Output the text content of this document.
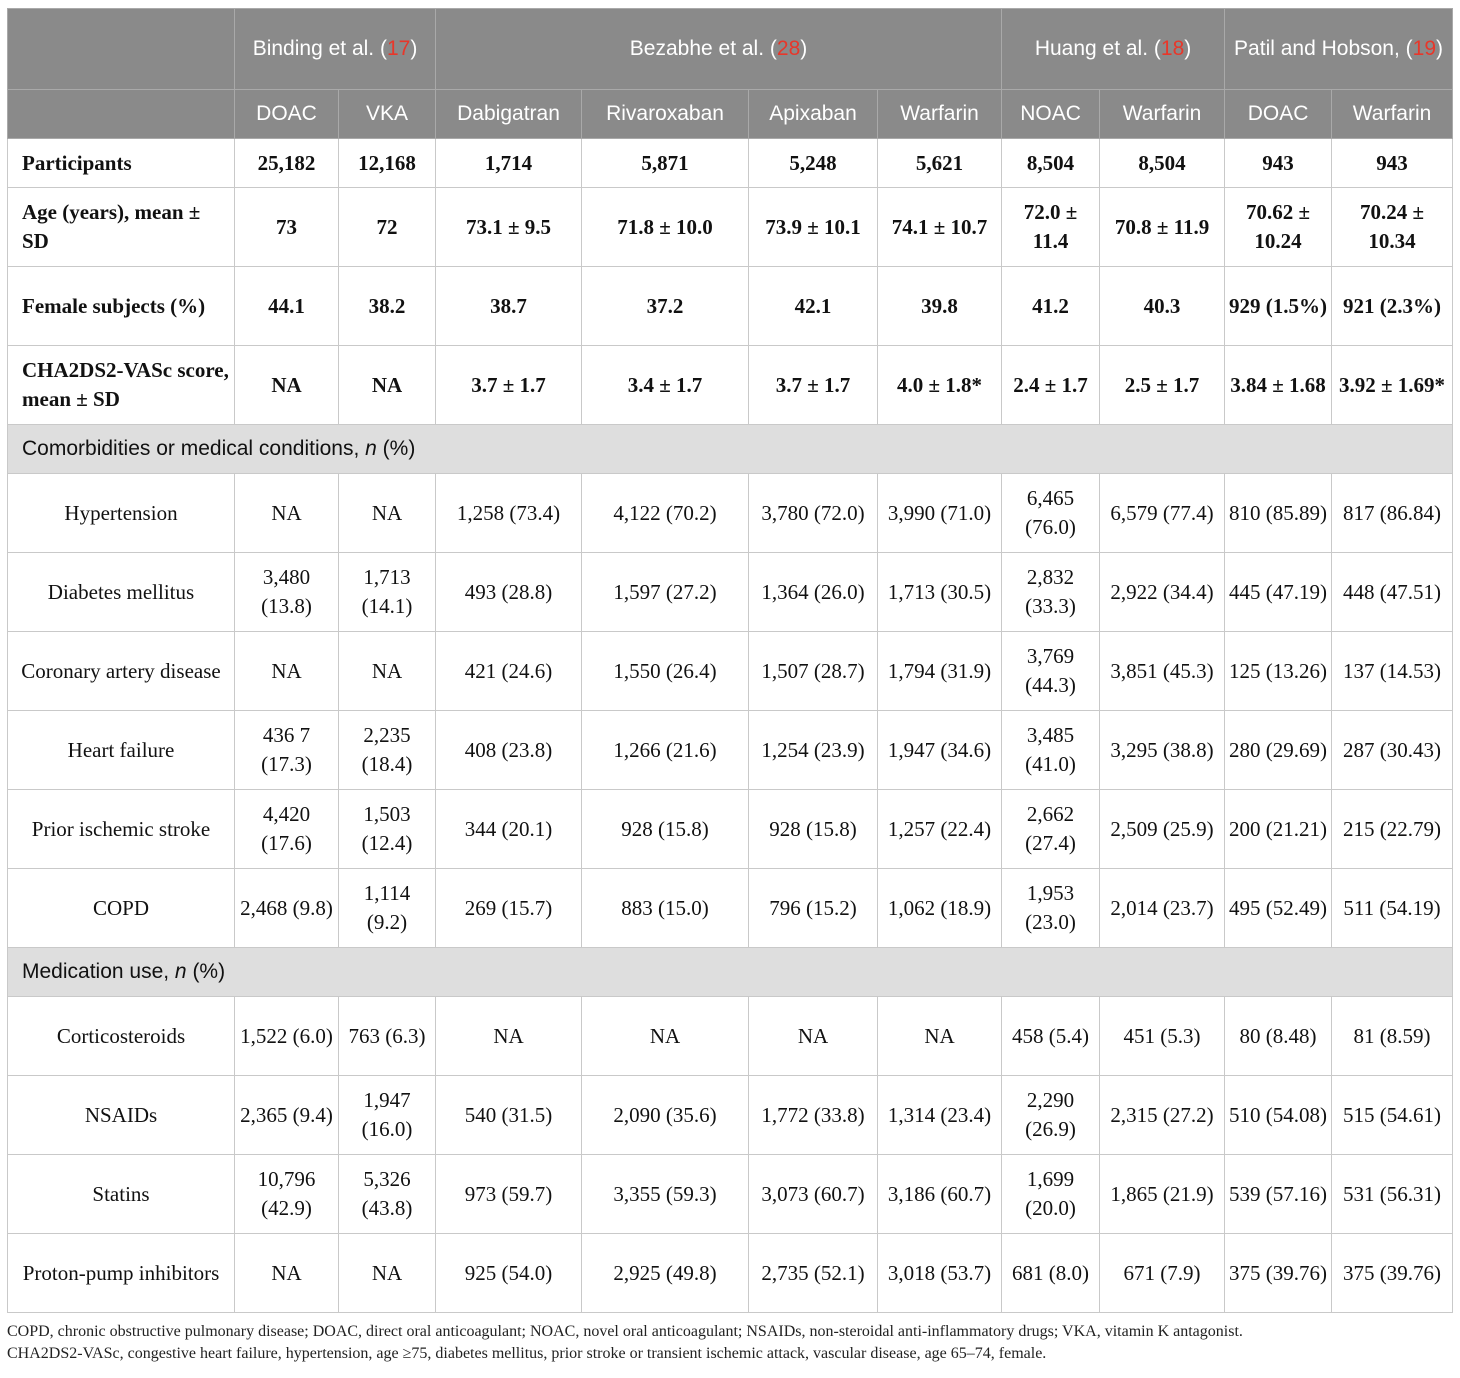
	Binding et al. (17)		Bezabhe et al. (28)				Huang et al. (18)		Patil and Hobson, (19)	
	DOAC	VKA	Dabigatran	Rivaroxaban	Apixaban	Warfarin	NOAC	Warfarin	DOAC	Warfarin
Participants	25,182	12,168	1,714	5,871	5,248	5,621	8,504	8,504	943	943
Age (years), mean ± SD	73	72	73.1 ± 9.5	71.8 ± 10.0	73.9 ± 10.1	74.1 ± 10.7	72.0 ± 11.4	70.8 ± 11.9	70.62 ± 10.24	70.24 ± 10.34
Female subjects (%)	44.1	38.2	38.7	37.2	42.1	39.8	41.2	40.3	929 (1.5%)	921 (2.3%)
CHA2DS2-VASc score, mean ± SD	NA	NA	3.7 ± 1.7	3.4 ± 1.7	3.7 ± 1.7	4.0 ± 1.8*	2.4 ± 1.7	2.5 ± 1.7	3.84 ± 1.68	3.92 ± 1.69*
Comorbidities or medical conditions, n (%)										
Hypertension	NA	NA	1,258 (73.4)	4,122 (70.2)	3,780 (72.0)	3,990 (71.0)	6,465 (76.0)	6,579 (77.4)	810 (85.89)	817 (86.84)
Diabetes mellitus	3,480 (13.8)	1,713 (14.1)	493 (28.8)	1,597 (27.2)	1,364 (26.0)	1,713 (30.5)	2,832 (33.3)	2,922 (34.4)	445 (47.19)	448 (47.51)
Coronary artery disease	NA	NA	421 (24.6)	1,550 (26.4)	1,507 (28.7)	1,794 (31.9)	3,769 (44.3)	3,851 (45.3)	125 (13.26)	137 (14.53)
Heart failure	436 7 (17.3)	2,235 (18.4)	408 (23.8)	1,266 (21.6)	1,254 (23.9)	1,947 (34.6)	3,485 (41.0)	3,295 (38.8)	280 (29.69)	287 (30.43)
Prior ischemic stroke	4,420 (17.6)	1,503 (12.4)	344 (20.1)	928 (15.8)	928 (15.8)	1,257 (22.4)	2,662 (27.4)	2,509 (25.9)	200 (21.21)	215 (22.79)
COPD	2,468 (9.8)	1,114 (9.2)	269 (15.7)	883 (15.0)	796 (15.2)	1,062 (18.9)	1,953 (23.0)	2,014 (23.7)	495 (52.49)	511 (54.19)
Medication use, n (%)										
Corticosteroids	1,522 (6.0)	763 (6.3)	NA	NA	NA	NA	458 (5.4)	451 (5.3)	80 (8.48)	81 (8.59)
NSAIDs	2,365 (9.4)	1,947 (16.0)	540 (31.5)	2,090 (35.6)	1,772 (33.8)	1,314 (23.4)	2,290 (26.9)	2,315 (27.2)	510 (54.08)	515 (54.61)
Statins	10,796 (42.9)	5,326 (43.8)	973 (59.7)	3,355 (59.3)	3,073 (60.7)	3,186 (60.7)	1,699 (20.0)	1,865 (21.9)	539 (57.16)	531 (56.31)
Proton-pump inhibitors	NA	NA	925 (54.0)	2,925 (49.8)	2,735 (52.1)	3,018 (53.7)	681 (8.0)	671 (7.9)	375 (39.76)	375 (39.76)
COPD, chronic obstructive pulmonary disease; DOAC, direct oral anticoagulant; NOAC, novel oral anticoagulant; NSAIDs, non-steroidal anti-inflammatory drugs; VKA, vitamin K antagonist.
CHA2DS2-VASc, congestive heart failure, hypertension, age ≥75, diabetes mellitus, prior stroke or transient ischemic attack, vascular disease, age 65–74, female.
